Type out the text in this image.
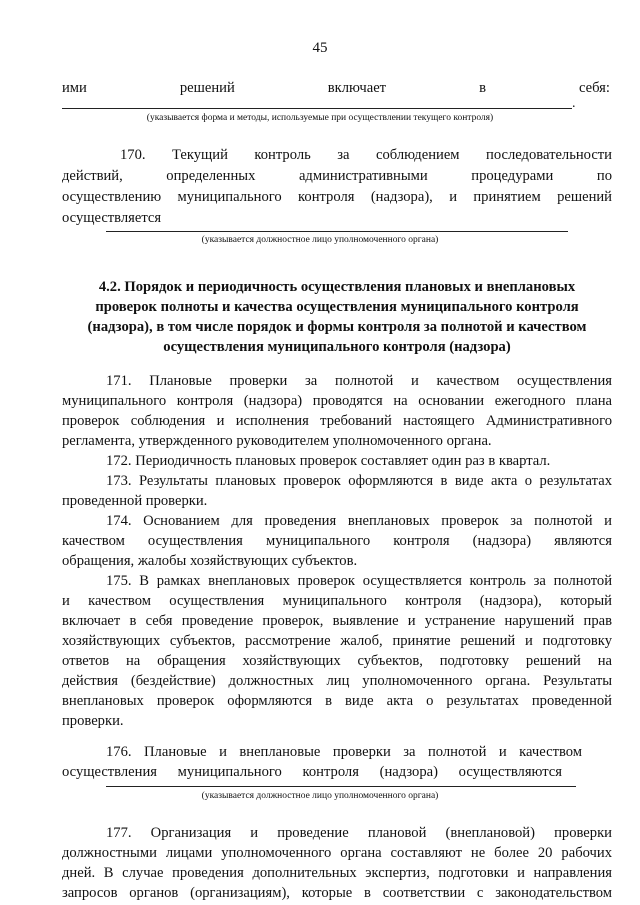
45
ими	решений	включает	в	себя:
.
(указывается форма и методы, используемые при осуществлении текущего контроля)
170. Текущий контроль за соблюдением последовательности
действий, определенных административными процедурами по
осуществлению муниципального контроля (надзора), и принятием решений
осуществляется
(указывается должностное лицо уполномоченного органа)
4.2. Порядок и периодичность осуществления плановых и внеплановых
проверок полноты и качества осуществления муниципального контроля
(надзора), в том числе порядок и формы контроля за полнотой и качеством
осуществления муниципального контроля (надзора)
171. Плановые проверки за полнотой и качеством осуществления
муниципального контроля (надзора) проводятся на основании ежегодного плана
проверок соблюдения и исполнения требований настоящего Административного
регламента, утвержденного руководителем уполномоченного органа.
172. Периодичность плановых проверок составляет один раз в квартал.
173. Результаты плановых проверок оформляются в виде акта о результатах
проведенной проверки.
174. Основанием для проведения внеплановых проверок за полнотой и
качеством осуществления муниципального контроля (надзора) являются
обращения, жалобы хозяйствующих субъектов.
175. В рамках внеплановых проверок осуществляется контроль за полнотой
и качеством осуществления муниципального контроля (надзора), который
включает в себя проведение проверок, выявление и устранение нарушений прав
хозяйствующих субъектов, рассмотрение жалоб, принятие решений и подготовку
ответов на обращения хозяйствующих субъектов, подготовку решений на
действия (бездействие) должностных лиц уполномоченного органа. Результаты
внеплановых проверок оформляются в виде акта о результатах проведенной
проверки.
176. Плановые и внеплановые проверки за полнотой и качеством
осуществления муниципального контроля (надзора) осуществляются
(указывается должностное лицо уполномоченного органа)
177. Организация и проведение плановой (внеплановой) проверки
должностными лицами уполномоченного органа составляют не более 20 рабочих
дней. В случае проведения дополнительных экспертиз, подготовки и направления
запросов органов (организациям), которые в соответствии с законодательством
